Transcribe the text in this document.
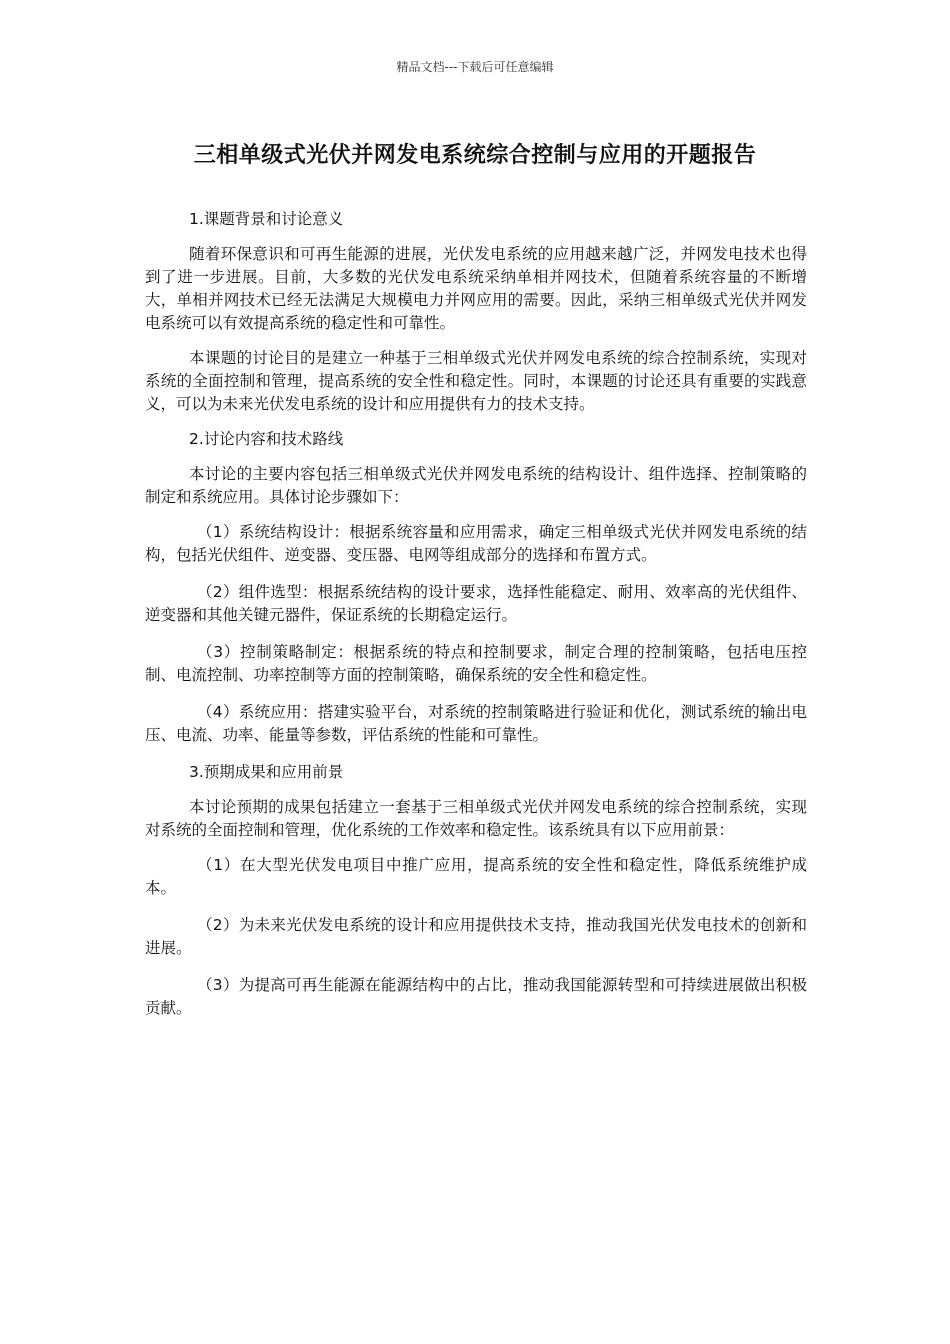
精品文档---下载后可任意编辑
三相单级式光伏并网发电系统综合控制与应用的开题报告
1.课题背景和讨论意义

随着环保意识和可再生能源的进展，光伏发电系统的应用越来越广泛，并网发电技术也得到了进一步进展。目前，大多数的光伏发电系统采纳单相并网技术，但随着系统容量的不断增大，单相并网技术已经无法满足大规模电力并网应用的需要。因此，采纳三相单级式光伏并网发电系统可以有效提高系统的稳定性和可靠性。

本课题的讨论目的是建立一种基于三相单级式光伏并网发电系统的综合控制系统，实现对系统的全面控制和管理，提高系统的安全性和稳定性。同时，本课题的讨论还具有重要的实践意义，可以为未来光伏发电系统的设计和应用提供有力的技术支持。

2.讨论内容和技术路线

本讨论的主要内容包括三相单级式光伏并网发电系统的结构设计、组件选择、控制策略的制定和系统应用。具体讨论步骤如下：

（1）系统结构设计：根据系统容量和应用需求，确定三相单级式光伏并网发电系统的结构，包括光伏组件、逆变器、变压器、电网等组成部分的选择和布置方式。

（2）组件选型：根据系统结构的设计要求，选择性能稳定、耐用、效率高的光伏组件、逆变器和其他关键元器件，保证系统的长期稳定运行。

（3）控制策略制定：根据系统的特点和控制要求，制定合理的控制策略，包括电压控制、电流控制、功率控制等方面的控制策略，确保系统的安全性和稳定性。

（4）系统应用：搭建实验平台，对系统的控制策略进行验证和优化，测试系统的输出电压、电流、功率、能量等参数，评估系统的性能和可靠性。

3.预期成果和应用前景

本讨论预期的成果包括建立一套基于三相单级式光伏并网发电系统的综合控制系统，实现对系统的全面控制和管理，优化系统的工作效率和稳定性。该系统具有以下应用前景：

（1）在大型光伏发电项目中推广应用，提高系统的安全性和稳定性，降低系统维护成本。

（2）为未来光伏发电系统的设计和应用提供技术支持，推动我国光伏发电技术的创新和进展。

（3）为提高可再生能源在能源结构中的占比，推动我国能源转型和可持续进展做出积极贡献。
